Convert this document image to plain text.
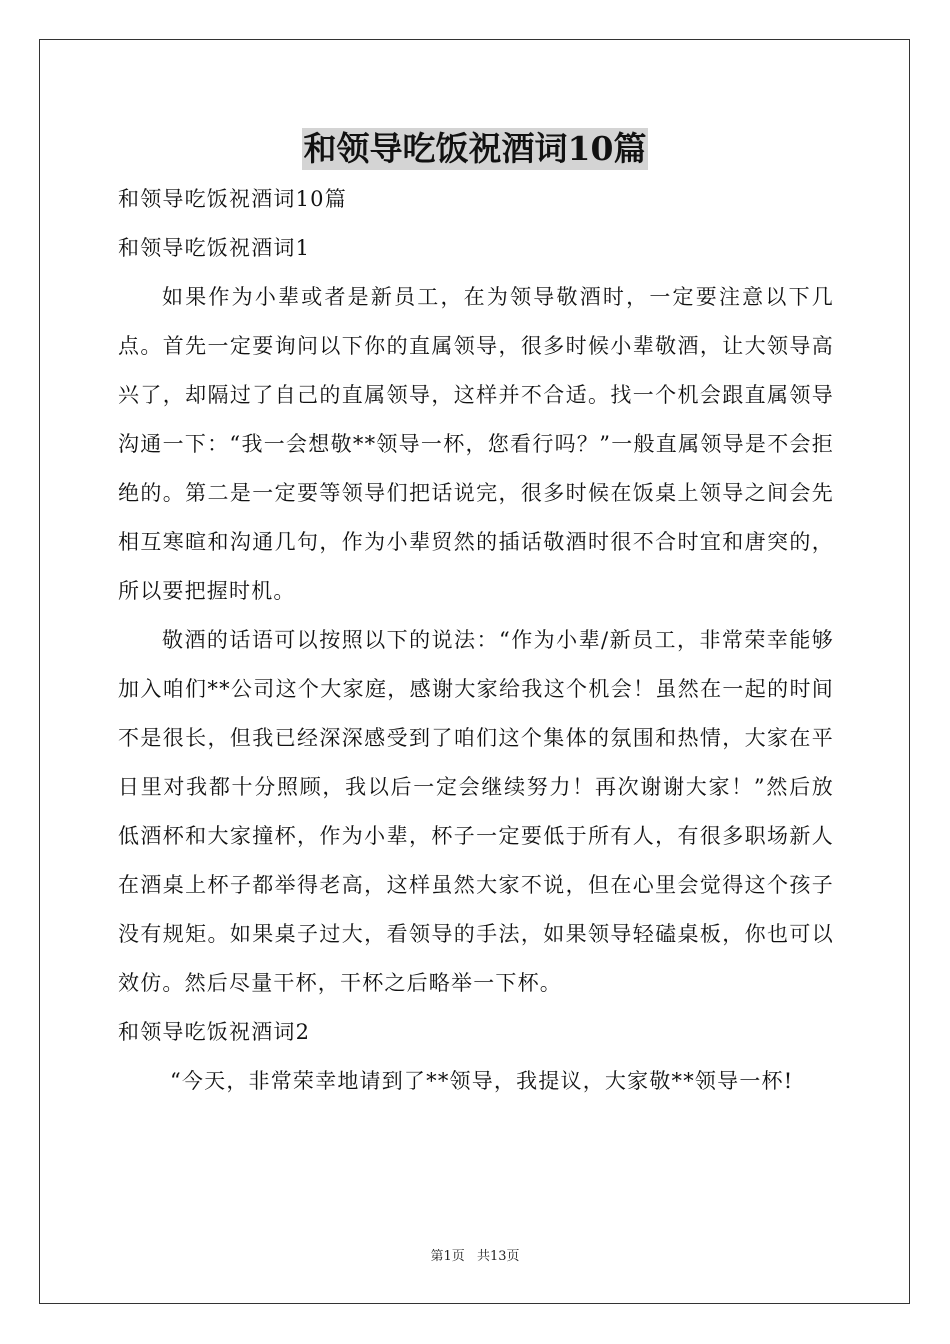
和领导吃饭祝酒词10篇

和领导吃饭祝酒词10篇

和领导吃饭祝酒词1

如果作为小辈或者是新员工，在为领导敬酒时，一定要注意以下几点。首先一定要询问以下你的直属领导，很多时候小辈敬酒，让大领导高兴了，却隔过了自己的直属领导，这样并不合适。找一个机会跟直属领导沟通一下：“我一会想敬**领导一杯，您看行吗？”一般直属领导是不会拒绝的。第二是一定要等领导们把话说完，很多时候在饭桌上领导之间会先相互寒暄和沟通几句，作为小辈贸然的插话敬酒时很不合时宜和唐突的，所以要把握时机。

敬酒的话语可以按照以下的说法：“作为小辈/新员工，非常荣幸能够加入咱们**公司这个大家庭，感谢大家给我这个机会！虽然在一起的时间不是很长，但我已经深深感受到了咱们这个集体的氛围和热情，大家在平日里对我都十分照顾，我以后一定会继续努力！再次谢谢大家！”然后放低酒杯和大家撞杯，作为小辈，杯子一定要低于所有人，有很多职场新人在酒桌上杯子都举得老高，这样虽然大家不说，但在心里会觉得这个孩子没有规矩。如果桌子过大，看领导的手法，如果领导轻磕桌板，你也可以效仿。然后尽量干杯，干杯之后略举一下杯。

和领导吃饭祝酒词2

“今天，非常荣幸地请到了**领导，我提议，大家敬**领导一杯!

第1页 共13页
